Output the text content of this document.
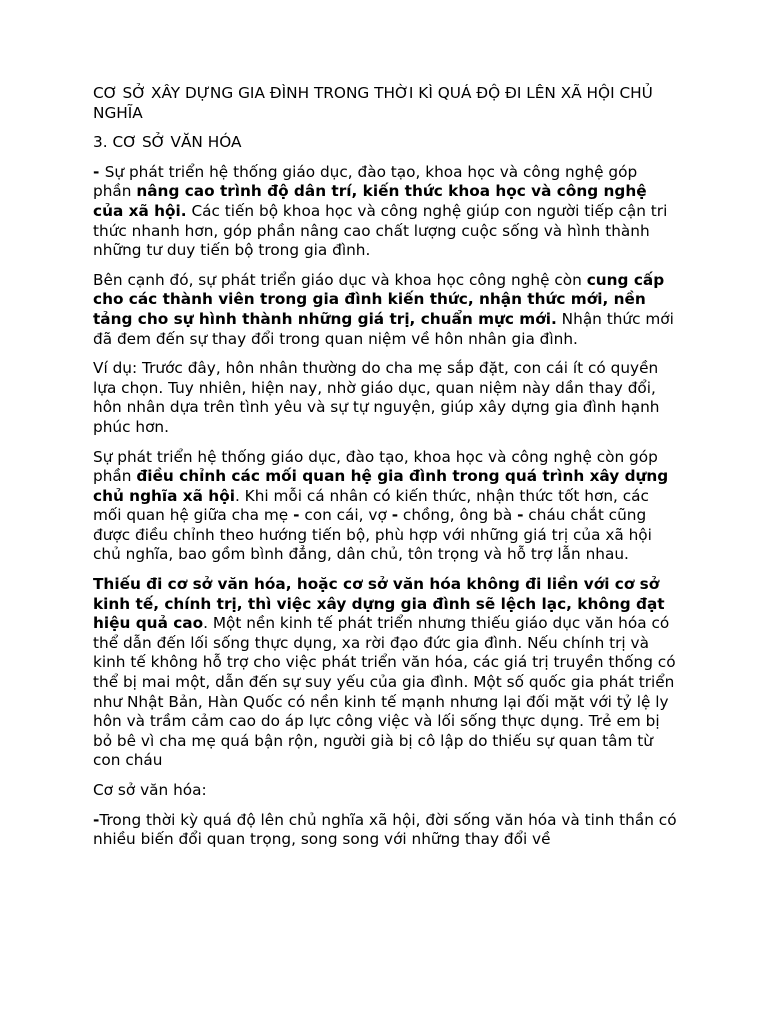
CƠ SỞ XÂY DỰNG GIA ĐÌNH TRONG THỜI KÌ QUÁ ĐỘ ĐI LÊN XÃ HỘI CHỦ NGHĨA

3. CƠ SỞ VĂN HÓA

- Sự phát triển hệ thống giáo dục, đào tạo, khoa học và công nghệ góp phần nâng cao trình độ dân trí, kiến thức khoa học và công nghệ của xã hội. Các tiến bộ khoa học và công nghệ giúp con người tiếp cận tri thức nhanh hơn, góp phần nâng cao chất lượng cuộc sống và hình thành những tư duy tiến bộ trong gia đình.

Bên cạnh đó, sự phát triển giáo dục và khoa học công nghệ còn cung cấp cho các thành viên trong gia đình kiến thức, nhận thức mới, nền tảng cho sự hình thành những giá trị, chuẩn mực mới. Nhận thức mới đã đem đến sự thay đổi trong quan niệm về hôn nhân gia đình.

Ví dụ: Trước đây, hôn nhân thường do cha mẹ sắp đặt, con cái ít có quyền lựa chọn. Tuy nhiên, hiện nay, nhờ giáo dục, quan niệm này dần thay đổi, hôn nhân dựa trên tình yêu và sự tự nguyện, giúp xây dựng gia đình hạnh phúc hơn.

Sự phát triển hệ thống giáo dục, đào tạo, khoa học và công nghệ còn góp phần điều chỉnh các mối quan hệ gia đình trong quá trình xây dựng chủ nghĩa xã hội. Khi mỗi cá nhân có kiến thức, nhận thức tốt hơn, các mối quan hệ giữa cha mẹ - con cái, vợ - chồng, ông bà - cháu chắt cũng được điều chỉnh theo hướng tiến bộ, phù hợp với những giá trị của xã hội chủ nghĩa, bao gồm bình đẳng, dân chủ, tôn trọng và hỗ trợ lẫn nhau.

Thiếu đi cơ sở văn hóa, hoặc cơ sở văn hóa không đi liền với cơ sở kinh tế, chính trị, thì việc xây dựng gia đình sẽ lệch lạc, không đạt hiệu quả cao. Một nền kinh tế phát triển nhưng thiếu giáo dục văn hóa có thể dẫn đến lối sống thực dụng, xa rời đạo đức gia đình. Nếu chính trị và kinh tế không hỗ trợ cho việc phát triển văn hóa, các giá trị truyền thống có thể bị mai một, dẫn đến sự suy yếu của gia đình. Một số quốc gia phát triển như Nhật Bản, Hàn Quốc có nền kinh tế mạnh nhưng lại đối mặt với tỷ lệ ly hôn và trầm cảm cao do áp lực công việc và lối sống thực dụng. Trẻ em bị bỏ bê vì cha mẹ quá bận rộn, người già bị cô lập do thiếu sự quan tâm từ con cháu

Cơ sở văn hóa:

-Trong thời kỳ quá độ lên chủ nghĩa xã hội, đời sống văn hóa và tinh thần có nhiều biến đổi quan trọng, song song với những thay đổi về
